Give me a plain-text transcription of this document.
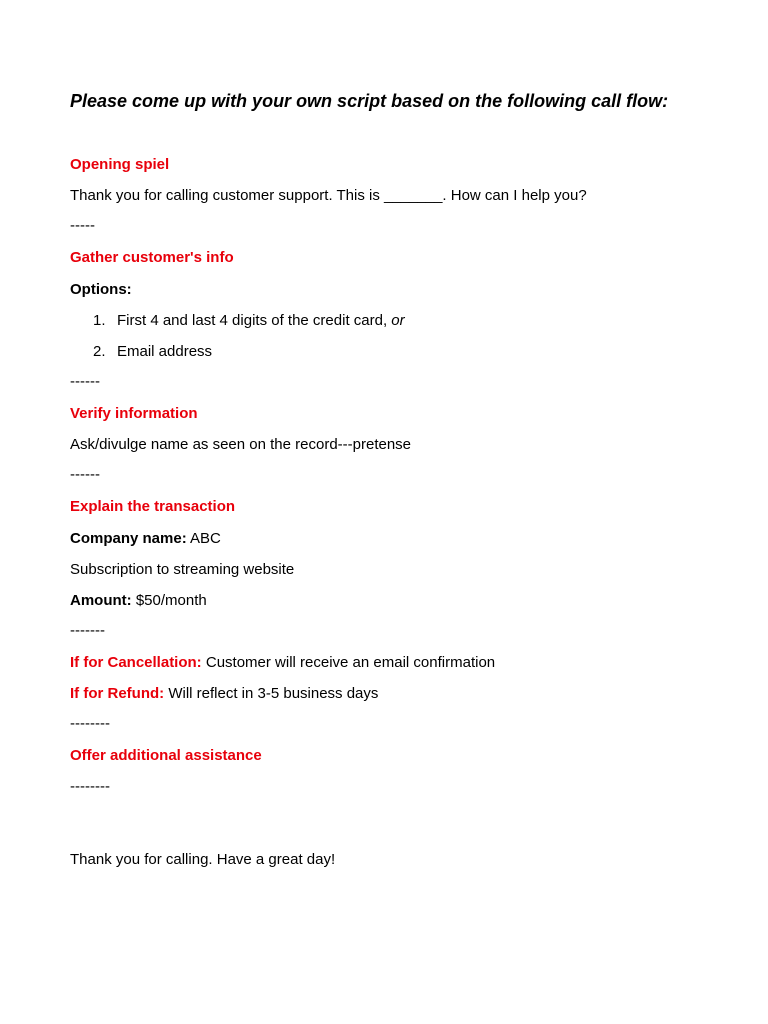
Please come up with your own script based on the following call flow:
Opening spiel
Thank you for calling customer support. This is _______. How can I help you?
-----
Gather customer's info
Options:
1. First 4 and last 4 digits of the credit card, or
2. Email address
------
Verify information
Ask/divulge name as seen on the record---pretense
------
Explain the transaction
Company name: ABC
Subscription to streaming website
Amount: $50/month
-------
If for Cancellation: Customer will receive an email confirmation
If for Refund: Will reflect in 3-5 business days
--------
Offer additional assistance
--------
Thank you for calling. Have a great day!
